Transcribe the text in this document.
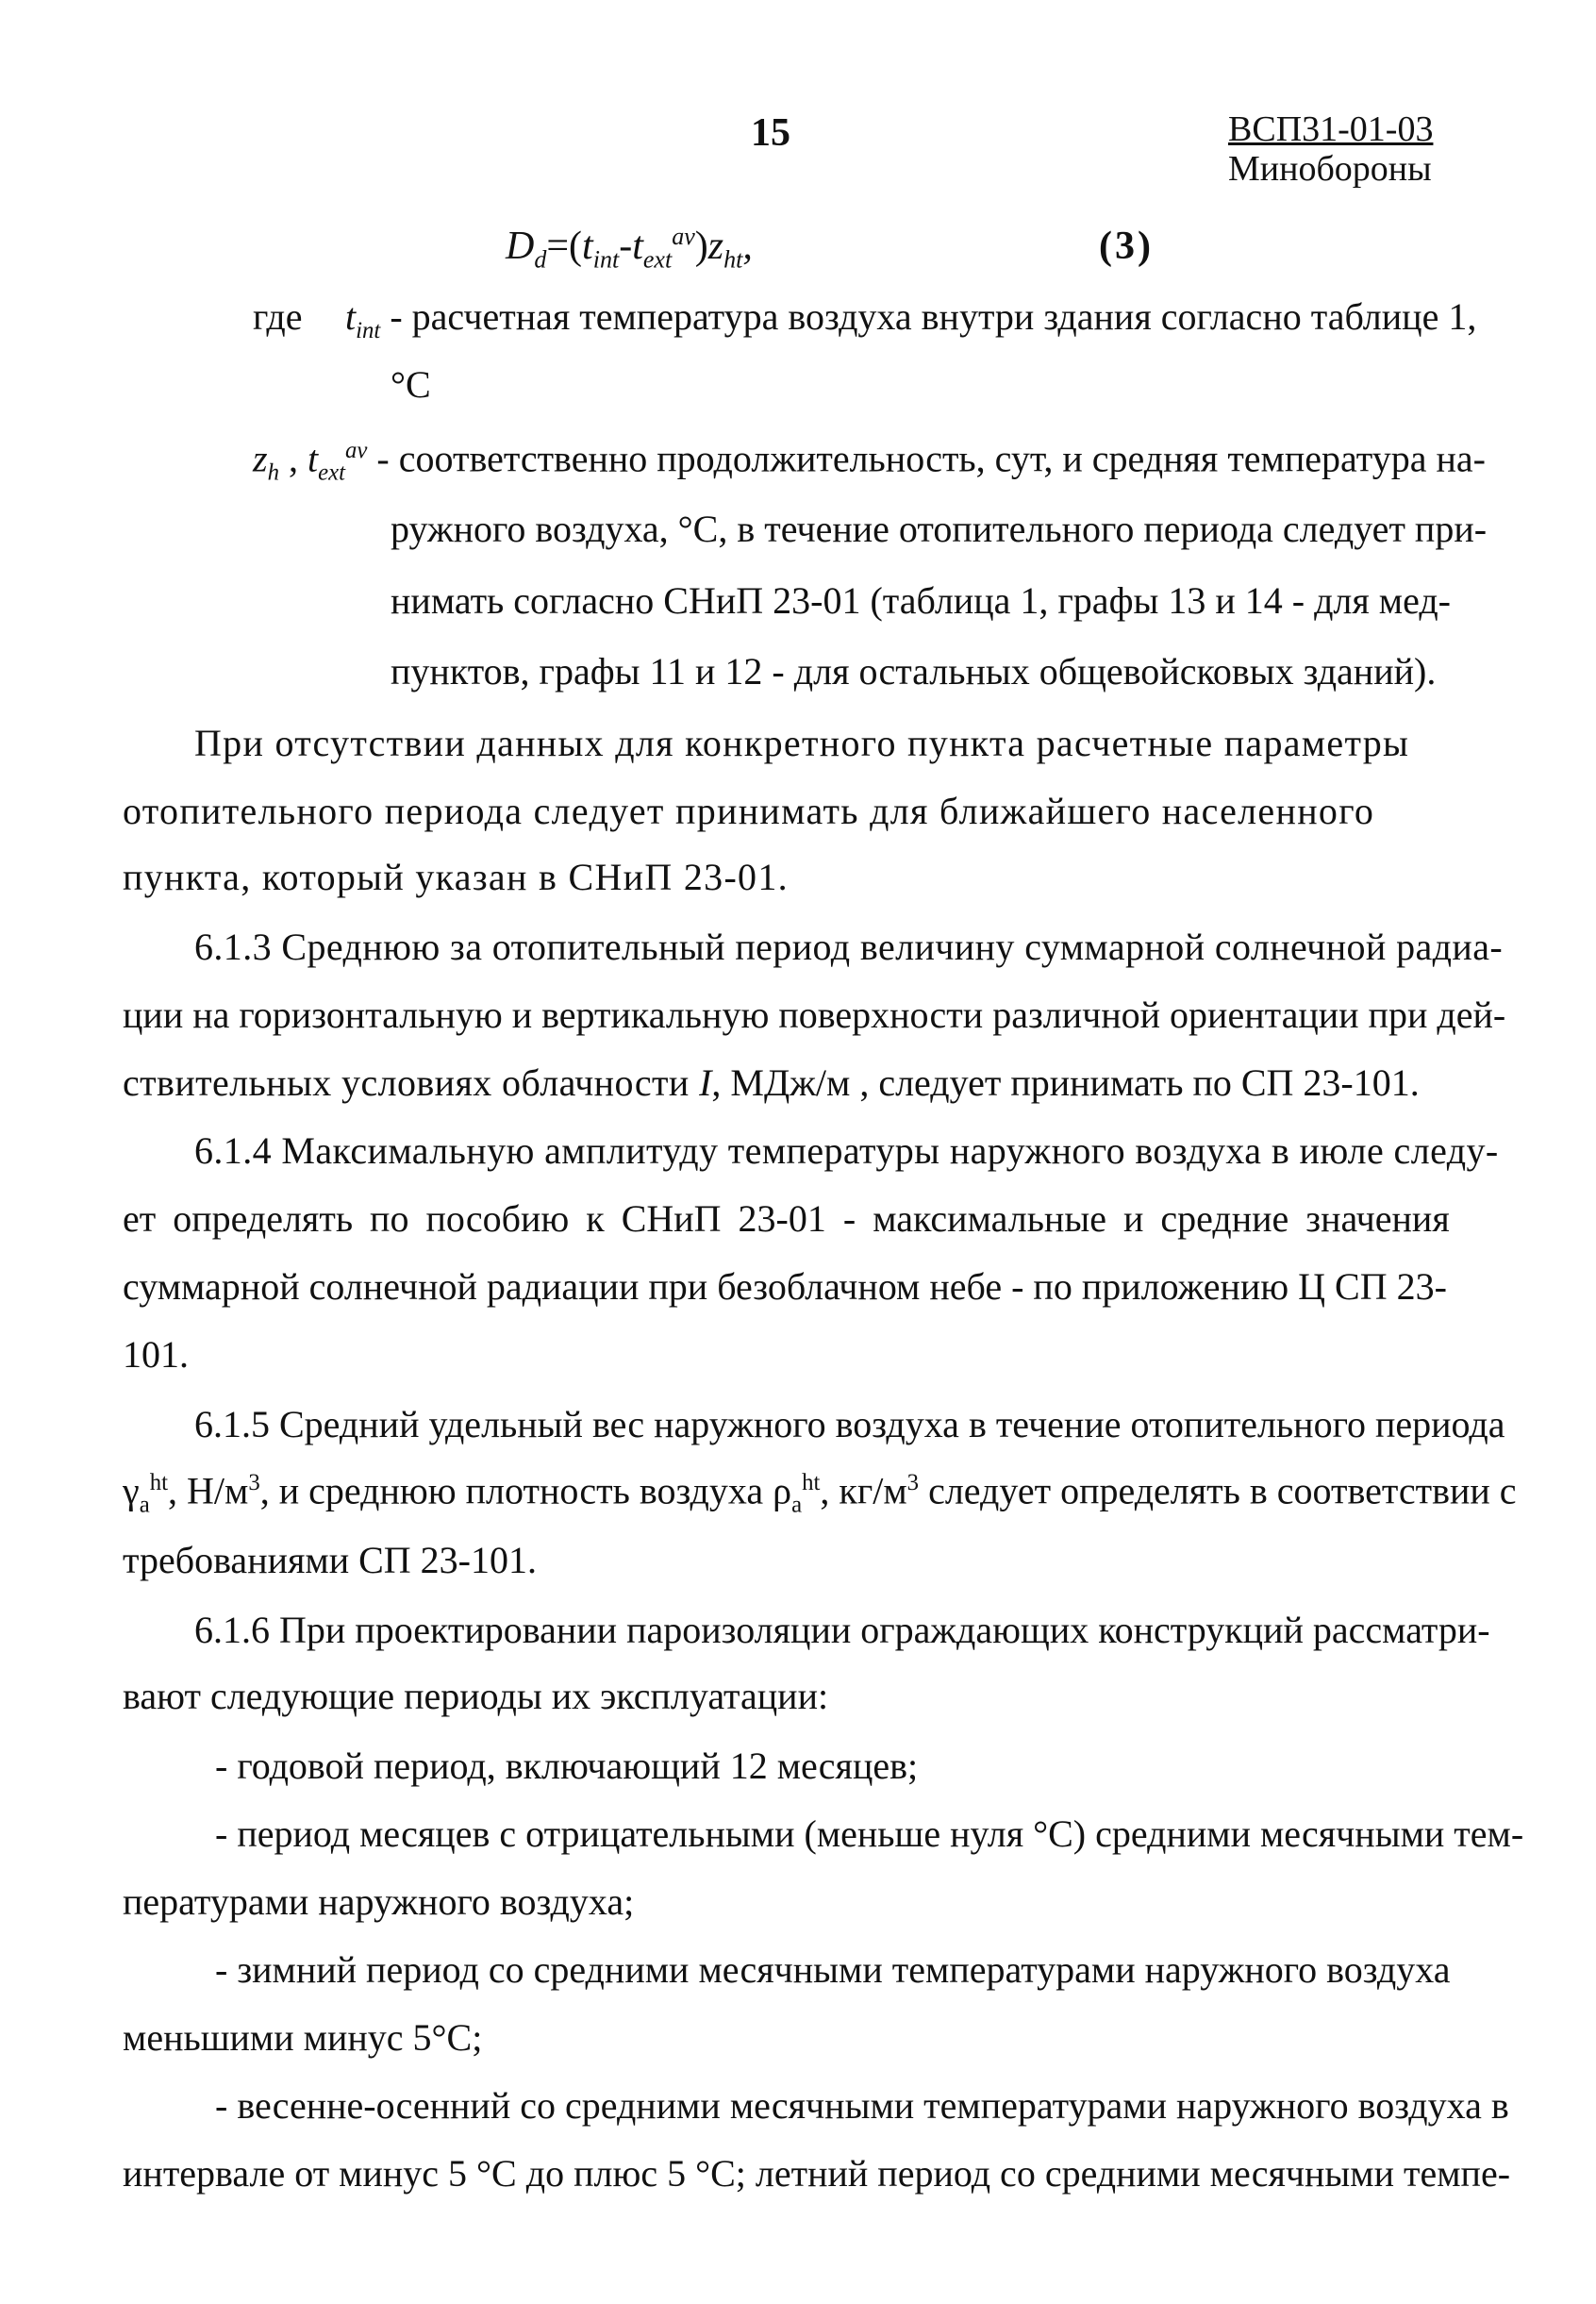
15	ВСП31-01-03
Минобороны
$D_d=(t_{int}-t_{ext}^{av})z_{ht}$,	(3)
где $t_{int}$ - расчетная температура воздуха внутри здания согласно таблице 1,
°С
$z_h$ , $t_{ext}^{av}$ - соответственно продолжительность, сут, и средняя температура на-
ружного воздуха, °С, в течение отопительного периода следует при-
нимать согласно СНиП 23-01 (таблица 1, графы 13 и 14 - для мед-
пунктов, графы 11 и 12 - для остальных общевойсковых зданий).
При отсутствии данных для конкретного пункта расчетные параметры
отопительного периода следует принимать для ближайшего населенного
пункта, который указан в СНиП 23-01.
6.1.3 Среднюю за отопительный период величину суммарной солнечной радиа-
ции на горизонтальную и вертикальную поверхности различной ориентации при дей-
ствительных условиях облачности I, МДж/м , следует принимать по СП 23-101.
6.1.4 Максимальную амплитуду температуры наружного воздуха в июле следу-
ет определять по пособию к СНиП 23-01 - максимальные и средние значения
суммарной солнечной радиации при безоблачном небе - по приложению Ц СП 23-
101.
6.1.5 Средний удельный вес наружного воздуха в течение отопительного периода
$\gamma_a^{ht}$, $Н/м^3$, и среднюю плотность воздуха $\rho_a^{ht}$, $кг/м^3$ следует определять в соответствии с
требованиями СП 23-101.
6.1.6 При проектировании пароизоляции ограждающих конструкций рассматри-
вают следующие периоды их эксплуатации:
- годовой период, включающий 12 месяцев;
- период месяцев с отрицательными (меньше нуля °С) средними месячными тем-
пературами наружного воздуха;
- зимний период со средними месячными температурами наружного воздуха
меньшими минус 5°С;
- весенне-осенний со средними месячными температурами наружного воздуха в
интервале от минус 5 °С до плюс 5 °С; летний период со средними месячными темпе-
